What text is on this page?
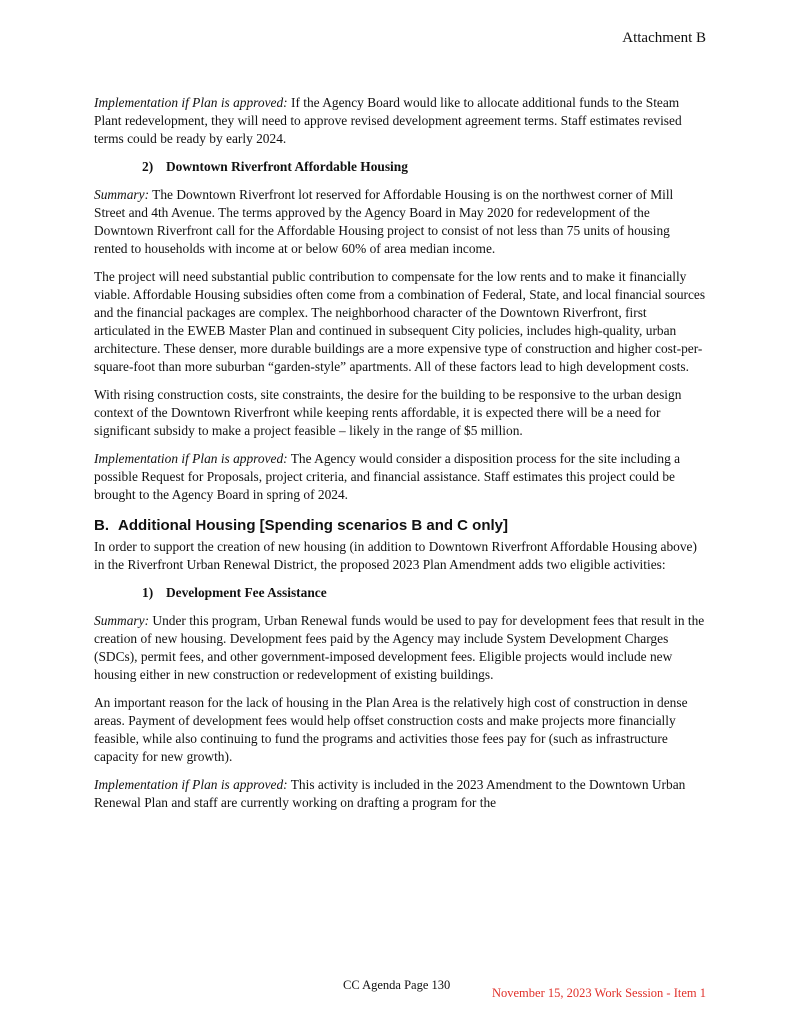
Attachment B

Implementation if Plan is approved: If the Agency Board would like to allocate additional funds to the Steam Plant redevelopment, they will need to approve revised development agreement terms. Staff estimates revised terms could be ready by early 2024.

2) Downtown Riverfront Affordable Housing

Summary: The Downtown Riverfront lot reserved for Affordable Housing is on the northwest corner of Mill Street and 4th Avenue. The terms approved by the Agency Board in May 2020 for redevelopment of the Downtown Riverfront call for the Affordable Housing project to consist of not less than 75 units of housing rented to households with income at or below 60% of area median income.

The project will need substantial public contribution to compensate for the low rents and to make it financially viable. Affordable Housing subsidies often come from a combination of Federal, State, and local financial sources and the financial packages are complex. The neighborhood character of the Downtown Riverfront, first articulated in the EWEB Master Plan and continued in subsequent City policies, includes high-quality, urban architecture. These denser, more durable buildings are a more expensive type of construction and higher cost-per-square-foot than more suburban “garden-style” apartments. All of these factors lead to high development costs.

With rising construction costs, site constraints, the desire for the building to be responsive to the urban design context of the Downtown Riverfront while keeping rents affordable, it is expected there will be a need for significant subsidy to make a project feasible – likely in the range of $5 million.

Implementation if Plan is approved: The Agency would consider a disposition process for the site including a possible Request for Proposals, project criteria, and financial assistance. Staff estimates this project could be brought to the Agency Board in spring of 2024.

B. Additional Housing [Spending scenarios B and C only]

In order to support the creation of new housing (in addition to Downtown Riverfront Affordable Housing above) in the Riverfront Urban Renewal District, the proposed 2023 Plan Amendment adds two eligible activities:

1) Development Fee Assistance

Summary: Under this program, Urban Renewal funds would be used to pay for development fees that result in the creation of new housing. Development fees paid by the Agency may include System Development Charges (SDCs), permit fees, and other government-imposed development fees. Eligible projects would include new housing either in new construction or redevelopment of existing buildings.

An important reason for the lack of housing in the Plan Area is the relatively high cost of construction in dense areas. Payment of development fees would help offset construction costs and make projects more financially feasible, while also continuing to fund the programs and activities those fees pay for (such as infrastructure capacity for new growth).

Implementation if Plan is approved: This activity is included in the 2023 Amendment to the Downtown Urban Renewal Plan and staff are currently working on drafting a program for the

CC Agenda Page 130
November 15, 2023 Work Session - Item 1
